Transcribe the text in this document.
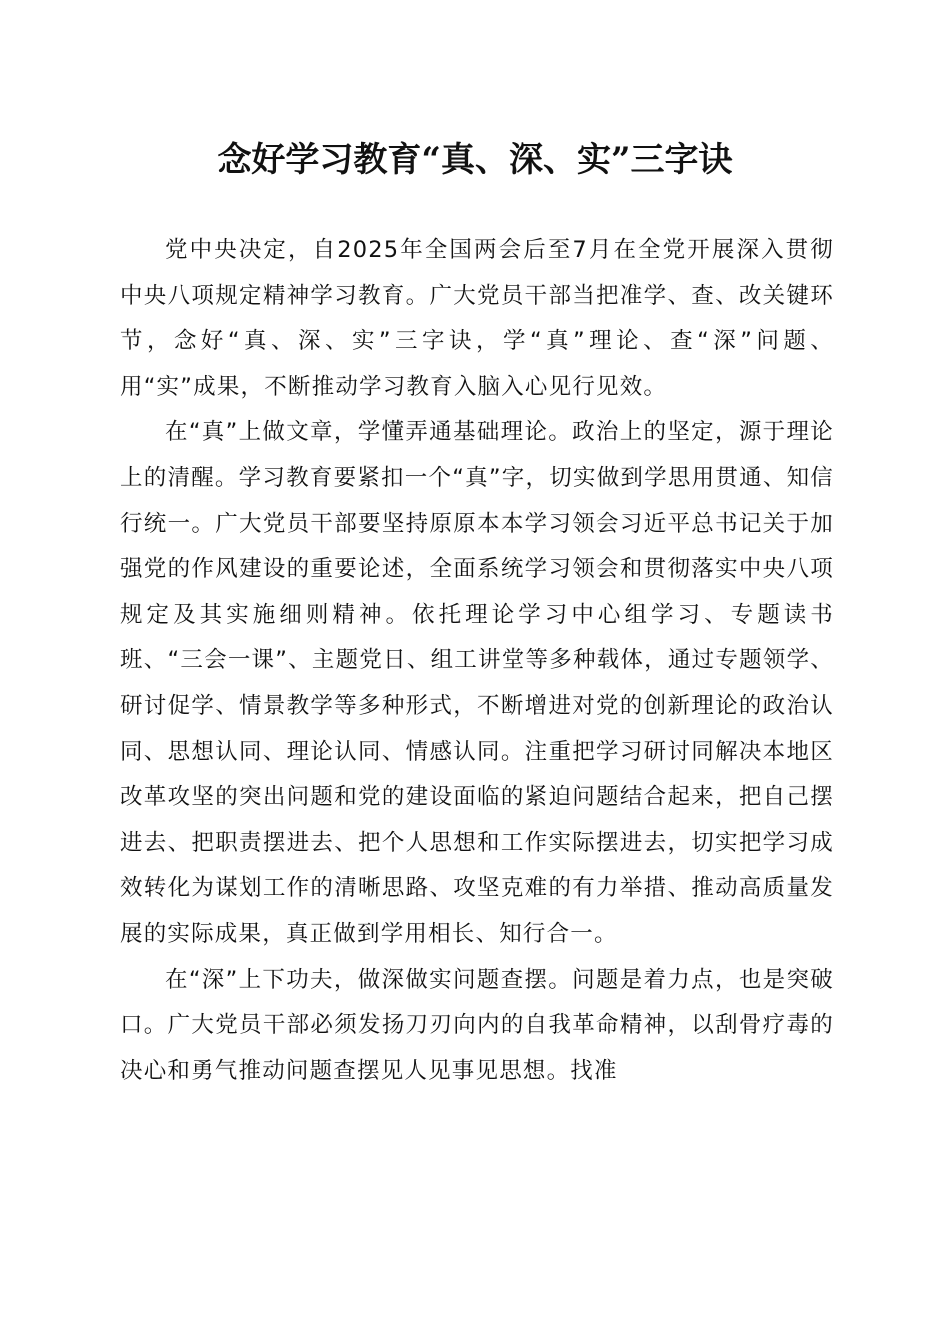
念好学习教育“真、深、实”三字诀

党中央决定，自2025年全国两会后至7月在全党开展深入贯彻中央八项规定精神学习教育。广大党员干部当把准学、查、改关键环节，念好“真、深、实”三字诀，学“真”理论、查“深”问题、用“实”成果，不断推动学习教育入脑入心见行见效。

在“真”上做文章，学懂弄通基础理论。政治上的坚定，源于理论上的清醒。学习教育要紧扣一个“真”字，切实做到学思用贯通、知信行统一。广大党员干部要坚持原原本本学习领会习近平总书记关于加强党的作风建设的重要论述，全面系统学习领会和贯彻落实中央八项规定及其实施细则精神。依托理论学习中心组学习、专题读书班、“三会一课”、主题党日、组工讲堂等多种载体，通过专题领学、研讨促学、情景教学等多种形式，不断增进对党的创新理论的政治认同、思想认同、理论认同、情感认同。注重把学习研讨同解决本地区改革攻坚的突出问题和党的建设面临的紧迫问题结合起来，把自己摆进去、把职责摆进去、把个人思想和工作实际摆进去，切实把学习成效转化为谋划工作的清晰思路、攻坚克难的有力举措、推动高质量发展的实际成果，真正做到学用相长、知行合一。

在“深”上下功夫，做深做实问题查摆。问题是着力点，也是突破口。广大党员干部必须发扬刀刃向内的自我革命精神，以刮骨疗毒的决心和勇气推动问题查摆见人见事见思想。找准
